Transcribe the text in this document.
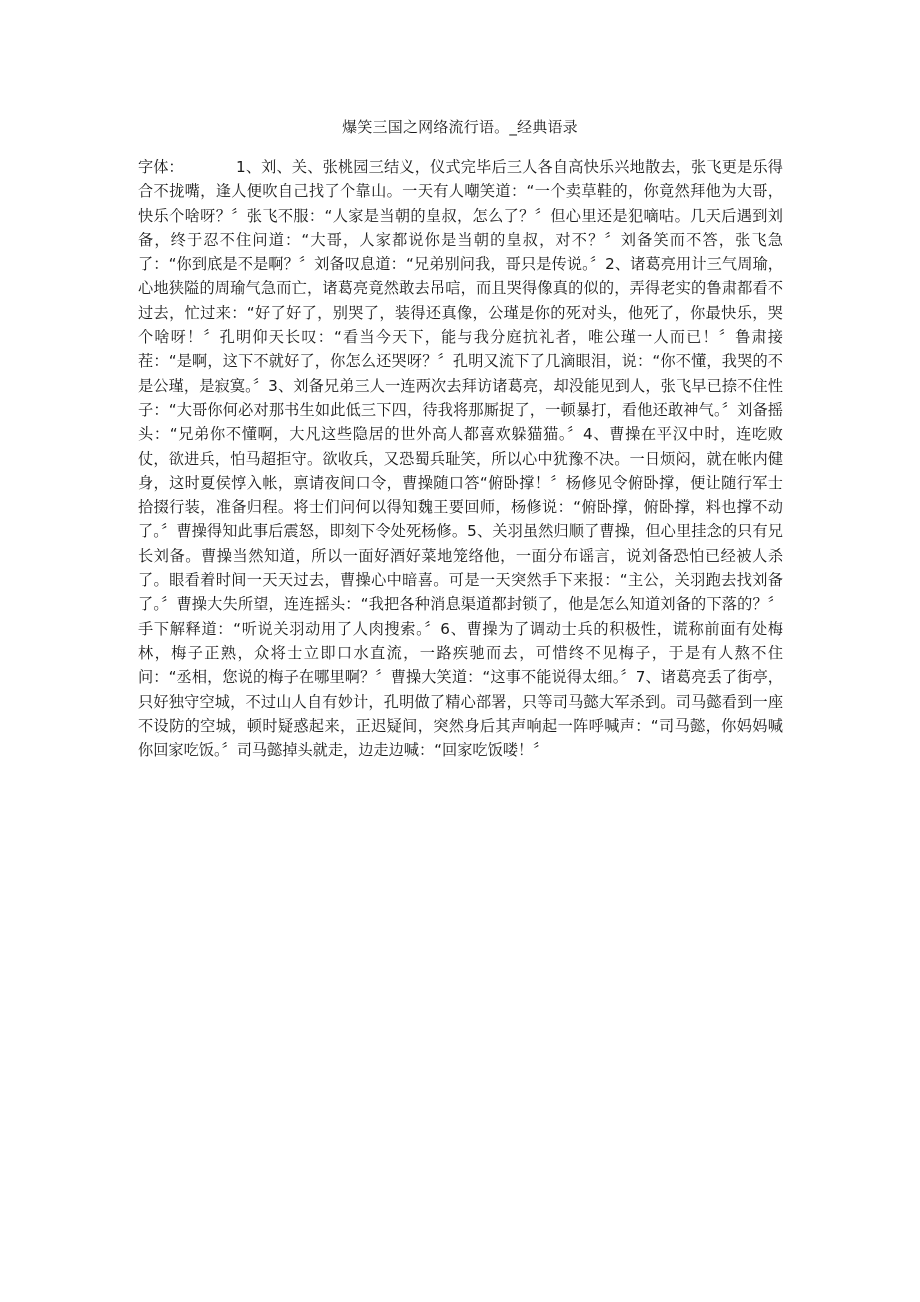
爆笑三国之网络流行语。_经典语录

字体：	1、刘、关、张桃园三结义，仪式完毕后三人各自高快乐兴地散去，张飞更是乐得合不拢嘴，逢人便吹自己找了个靠山。一天有人嘲笑道：“一个卖草鞋的，你竟然拜他为大哥，快乐个啥呀？〞张飞不服：“人家是当朝的皇叔，怎么了？〞但心里还是犯嘀咕。几天后遇到刘备，终于忍不住问道：“大哥，人家都说你是当朝的皇叔，对不？〞刘备笑而不答，张飞急了：“你到底是不是啊？〞刘备叹息道：“兄弟别问我，哥只是传说。〞2、诸葛亮用计三气周瑜，心地狭隘的周瑜气急而亡，诸葛亮竟然敢去吊唁，而且哭得像真的似的，弄得老实的鲁肃都看不过去，忙过来：“好了好了，别哭了，装得还真像，公瑾是你的死对头，他死了，你最快乐，哭个啥呀！〞孔明仰天长叹：“看当今天下，能与我分庭抗礼者，唯公瑾一人而已！〞鲁肃接茬：“是啊，这下不就好了，你怎么还哭呀？〞孔明又流下了几滴眼泪，说：“你不懂，我哭的不是公瑾，是寂寞。〞3、刘备兄弟三人一连两次去拜访诸葛亮，却没能见到人，张飞早已捺不住性子：“大哥你何必对那书生如此低三下四，待我将那厮捉了，一顿暴打，看他还敢神气。〞刘备摇头：“兄弟你不懂啊，大凡这些隐居的世外高人都喜欢躲猫猫。〞4、曹操在平汉中时，连吃败仗，欲进兵，怕马超拒守。欲收兵，又恐蜀兵耻笑，所以心中犹豫不决。一日烦闷，就在帐内健身，这时夏侯惇入帐，禀请夜间口令，曹操随口答“俯卧撑！〞杨修见令俯卧撑，便让随行军士拾掇行装，准备归程。将士们问何以得知魏王要回师，杨修说：“俯卧撑，俯卧撑，料也撑不动了。〞曹操得知此事后震怒，即刻下令处死杨修。5、关羽虽然归顺了曹操，但心里挂念的只有兄长刘备。曹操当然知道，所以一面好酒好菜地笼络他，一面分布谣言，说刘备恐怕已经被人杀了。眼看着时间一天天过去，曹操心中暗喜。可是一天突然手下来报：“主公，关羽跑去找刘备了。〞曹操大失所望，连连摇头：“我把各种消息渠道都封锁了，他是怎么知道刘备的下落的？〞手下解释道：“听说关羽动用了人肉搜索。〞6、曹操为了调动士兵的积极性，谎称前面有处梅林，梅子正熟，众将士立即口水直流，一路疾驰而去，可惜终不见梅子，于是有人熬不住问：“丞相，您说的梅子在哪里啊？〞曹操大笑道：“这事不能说得太细。〞7、诸葛亮丢了街亭，只好独守空城，不过山人自有妙计，孔明做了精心部署，只等司马懿大军杀到。司马懿看到一座不设防的空城，顿时疑惑起来，正迟疑间，突然身后其声响起一阵呼喊声：“司马懿，你妈妈喊你回家吃饭。〞司马懿掉头就走，边走边喊：“回家吃饭喽！〞
